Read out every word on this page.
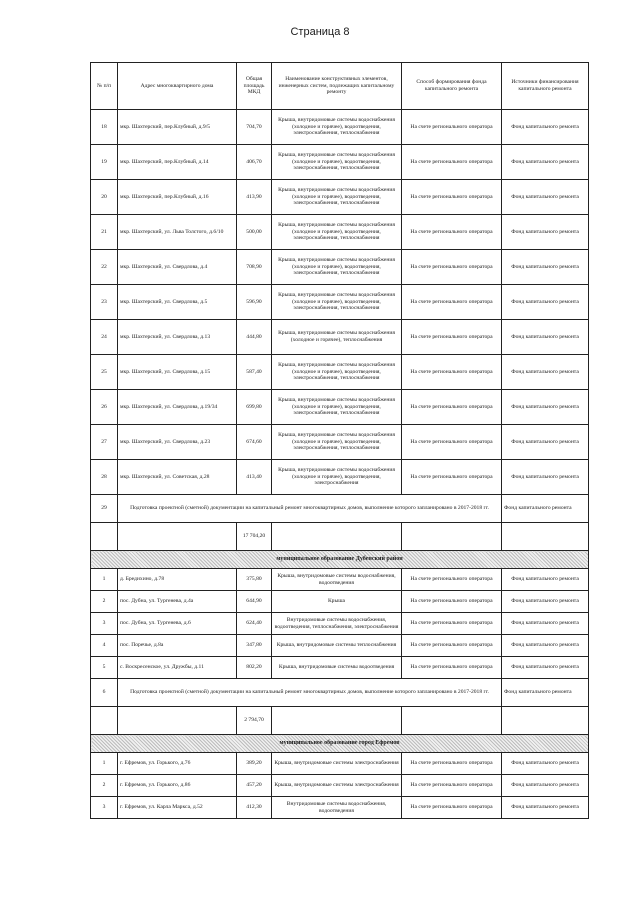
Страница 8
№ п/п	Адрес многоквартирного дома	Общая площадь МКД	Наименование конструктивных элементов, инженерных систем, подлежащих капитальному ремонту	Способ формирования фонда капитального ремонта	Источники финансирования капитального ремонта
18	мкр. Шахтерский, пер.Клубный, д.9/5	704,70	Крыша, внутридомовые системы водоснабжения (холодное и горячее), водоотведения, электроснабжения, теплоснабжения	На счете регионального оператора	Фонд капитального ремонта
19	мкр. Шахтерский, пер.Клубный, д.14	406,70	Крыша, внутридомовые системы водоснабжения (холодное и горячее), водоотведения, электроснабжения, теплоснабжения	На счете регионального оператора	Фонд капитального ремонта
20	мкр. Шахтерский, пер.Клубный, д.16	413,90	Крыша, внутридомовые системы водоснабжения (холодное и горячее), водоотведения, электроснабжения, теплоснабжения	На счете регионального оператора	Фонд капитального ремонта
21	мкр. Шахтерский, ул. Льва Толстого, д.6/10	500,00	Крыша, внутридомовые системы водоснабжения (холодное и горячее), водоотведения, электроснабжения, теплоснабжения	На счете регионального оператора	Фонд капитального ремонта
22	мкр. Шахтерский, ул. Свердлова, д.4	708,90	Крыша, внутридомовые системы водоснабжения (холодное и горячее), водоотведения, электроснабжения, теплоснабжения	На счете регионального оператора	Фонд капитального ремонта
23	мкр. Шахтерский, ул. Свердлова, д.5	596,90	Крыша, внутридомовые системы водоснабжения (холодное и горячее), водоотведения, электроснабжения, теплоснабжения	На счете регионального оператора	Фонд капитального ремонта
24	мкр. Шахтерский, ул. Свердлова, д.13	444,80	Крыша, внутридомовые системы водоснабжения (холодное и горячее), теплоснабжения	На счете регионального оператора	Фонд капитального ремонта
25	мкр. Шахтерский, ул. Свердлова, д.15	587,40	Крыша, внутридомовые системы водоснабжения (холодное и горячее), водоотведения, электроснабжения, теплоснабжения	На счете регионального оператора	Фонд капитального ремонта
26	мкр. Шахтерский, ул. Свердлова, д.19/34	699,80	Крыша, внутридомовые системы водоснабжения (холодное и горячее), водоотведения, электроснабжения, теплоснабжения	На счете регионального оператора	Фонд капитального ремонта
27	мкр. Шахтерский, ул. Свердлова, д.23	674,60	Крыша, внутридомовые системы водоснабжения (холодное и горячее), водоотведения, электроснабжения, теплоснабжения	На счете регионального оператора	Фонд капитального ремонта
28	мкр. Шахтерский, ул. Советская, д.28	413,40	Крыша, внутридомовые системы водоснабжения (холодное и горячее), водоотведения, электроснабжения	На счете регионального оператора	Фонд капитального ремонта
29	Подготовка проектной (сметной) документации на капитальный ремонт многоквартирных домов, выполнение которого запланировано в 2017-2018 гг.				Фонд капитального ремонта
		17 704,20			
муниципальное образование Дубенский район					
1	д. Бредихино, д.78	375,80	Крыша, внутридомовые системы водоснабжения, водоотведения	На счете регионального оператора	Фонд капитального ремонта
2	пос. Дубна, ул. Тургенева, д.4а	644,90	Крыша	На счете регионального оператора	Фонд капитального ремонта
3	пос. Дубна, ул. Тургенева, д.6	624,40	Внутридомовые системы водоснабжения, водоотведения, теплоснабжения, электроснабжения	На счете регионального оператора	Фонд капитального ремонта
4	пос. Поречье, д.8а	347,80	Крыша, внутридомовые системы теплоснабжения	На счете регионального оператора	Фонд капитального ремонта
5	с. Воскресенское, ул. Дружбы, д.11	802,20	Крыша, внутридомовые системы водоотведения	На счете регионального оператора	Фонд капитального ремонта
6	Подготовка проектной (сметной) документации на капитальный ремонт многоквартирных домов, выполнение которого запланировано в 2017-2018 гг.				Фонд капитального ремонта
		2 794,70			
муниципальное образование город Ефремов					
1	г. Ефремов, ул. Горького, д.76	389,20	Крыша, внутридомовые системы электроснабжения	На счете регионального оператора	Фонд капитального ремонта
2	г. Ефремов, ул. Горького, д.86	457,20	Крыша, внутридомовые системы электроснабжения	На счете регионального оператора	Фонд капитального ремонта
3	г. Ефремов, ул. Карла Маркса, д.52	412,30	Внутридомовые системы водоснабжения, водоотведения	На счете регионального оператора	Фонд капитального ремонта
